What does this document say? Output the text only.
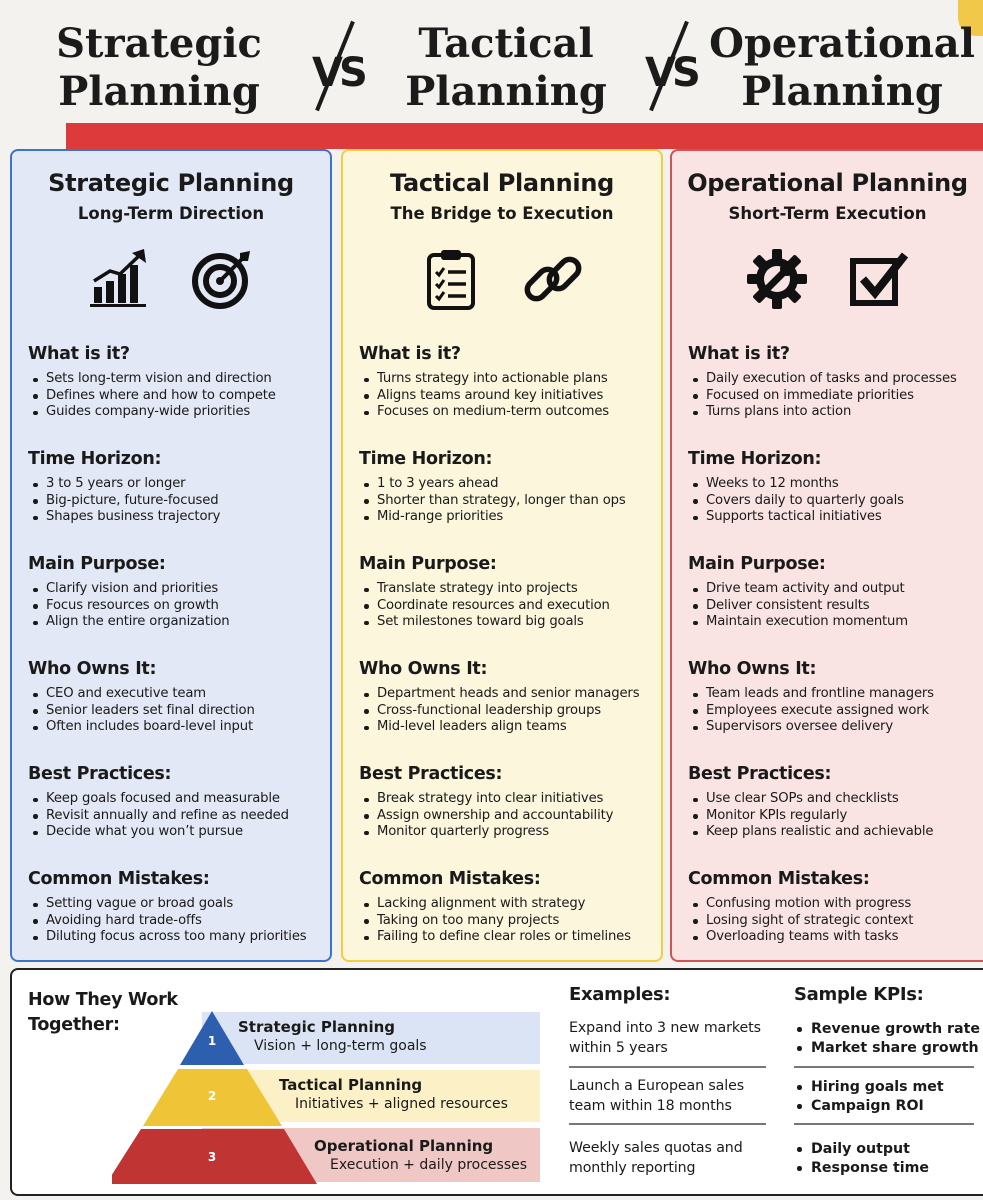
Strategic
Planning VS
Tactical
Planning VS
Operational
Planning
Strategic Planning
Long-Term Direction
What is it?
Sets long-term vision and direction
Defines where and how to compete
Guides company-wide priorities
Time Horizon:
3 to 5 years or longer
Big-picture, future-focused
Shapes business trajectory
Main Purpose:
Clarify vision and priorities
Focus resources on growth
Align the entire organization
Who Owns It:
CEO and executive team
Senior leaders set final direction
Often includes board-level input
Best Practices:
Keep goals focused and measurable
Revisit annually and refine as needed
Decide what you won’t pursue
Common Mistakes:
Setting vague or broad goals
Avoiding hard trade-offs
Diluting focus across too many priorities
Tactical Planning
The Bridge to Execution
What is it?
Turns strategy into actionable plans
Aligns teams around key initiatives
Focuses on medium-term outcomes
Time Horizon:
1 to 3 years ahead
Shorter than strategy, longer than ops
Mid-range priorities
Main Purpose:
Translate strategy into projects
Coordinate resources and execution
Set milestones toward big goals
Who Owns It:
Department heads and senior managers
Cross-functional leadership groups
Mid-level leaders align teams
Best Practices:
Break strategy into clear initiatives
Assign ownership and accountability
Monitor quarterly progress
Common Mistakes:
Lacking alignment with strategy
Taking on too many projects
Failing to define clear roles or timelines
Operational Planning
Short-Term Execution
What is it?
Daily execution of tasks and processes
Focused on immediate priorities
Turns plans into action
Time Horizon:
Weeks to 12 months
Covers daily to quarterly goals
Supports tactical initiatives
Main Purpose:
Drive team activity and output
Deliver consistent results
Maintain execution momentum
Who Owns It:
Team leads and frontline managers
Employees execute assigned work
Supervisors oversee delivery
Best Practices:
Use clear SOPs and checklists
Monitor KPIs regularly
Keep plans realistic and achievable
Common Mistakes:
Confusing motion with progress
Losing sight of strategic context
Overloading teams with tasks
How They Work Together:
1
2
3
Strategic Planning
Vision + long-term goals
Tactical Planning
Initiatives + aligned resources
Operational Planning
Execution + daily processes
Examples:
Expand into 3 new markets within 5 years
Launch a European sales team within 18 months
Weekly sales quotas and monthly reporting
Sample KPIs:
Revenue growth rate
Market share growth
Hiring goals met
Campaign ROI
Daily output
Response time
